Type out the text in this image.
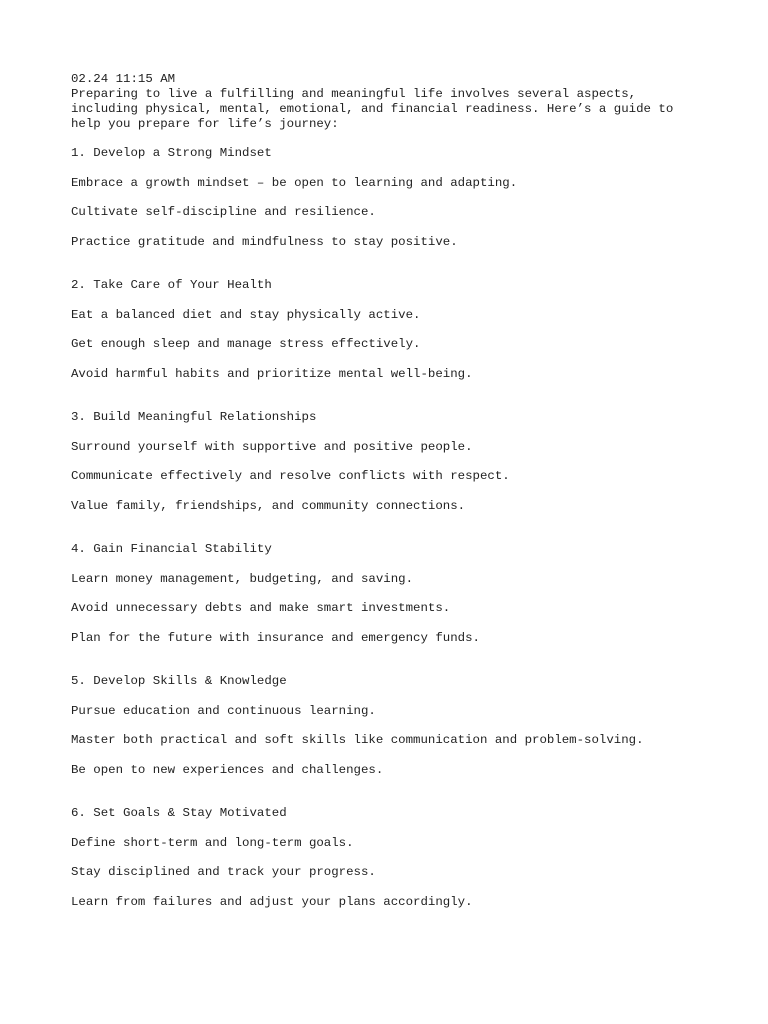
02.24 11:15 AM
Preparing to live a fulfilling and meaningful life involves several aspects,
including physical, mental, emotional, and financial readiness. Here’s a guide to
help you prepare for life’s journey:
1. Develop a Strong Mindset
Embrace a growth mindset – be open to learning and adapting.
Cultivate self-discipline and resilience.
Practice gratitude and mindfulness to stay positive.
2. Take Care of Your Health
Eat a balanced diet and stay physically active.
Get enough sleep and manage stress effectively.
Avoid harmful habits and prioritize mental well-being.
3. Build Meaningful Relationships
Surround yourself with supportive and positive people.
Communicate effectively and resolve conflicts with respect.
Value family, friendships, and community connections.
4. Gain Financial Stability
Learn money management, budgeting, and saving.
Avoid unnecessary debts and make smart investments.
Plan for the future with insurance and emergency funds.
5. Develop Skills & Knowledge
Pursue education and continuous learning.
Master both practical and soft skills like communication and problem-solving.
Be open to new experiences and challenges.
6. Set Goals & Stay Motivated
Define short-term and long-term goals.
Stay disciplined and track your progress.
Learn from failures and adjust your plans accordingly.
